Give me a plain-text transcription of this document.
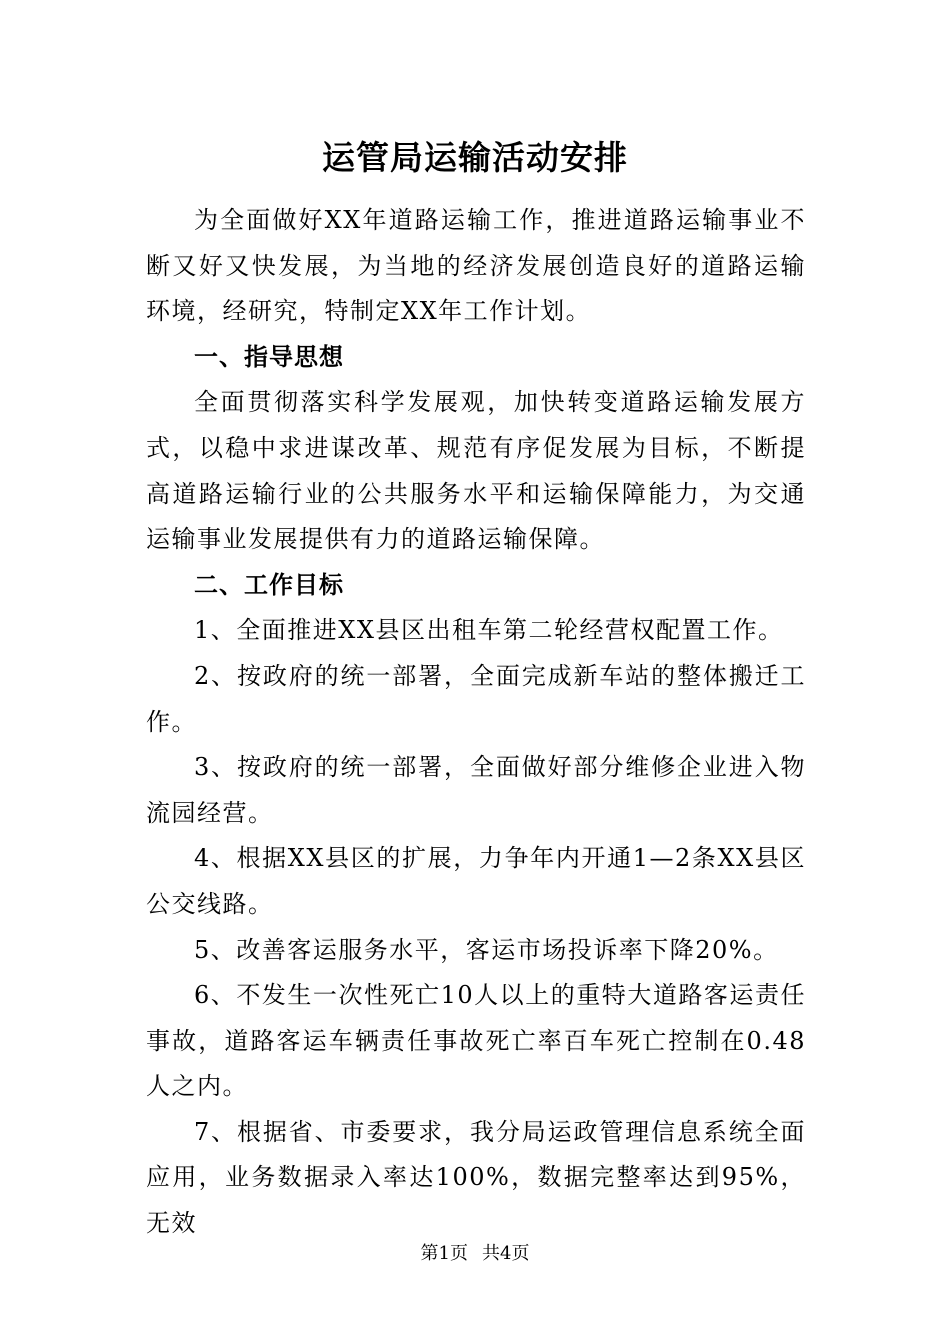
运管局运输活动安排

为全面做好XX年道路运输工作，推进道路运输事业不断又好又快发展，为当地的经济发展创造良好的道路运输环境，经研究，特制定XX年工作计划。

一、指导思想

全面贯彻落实科学发展观，加快转变道路运输发展方式，以稳中求进谋改革、规范有序促发展为目标，不断提高道路运输行业的公共服务水平和运输保障能力，为交通运输事业发展提供有力的道路运输保障。

二、工作目标

1、全面推进XX县区出租车第二轮经营权配置工作。

2、按政府的统一部署，全面完成新车站的整体搬迁工作。

3、按政府的统一部署，全面做好部分维修企业进入物流园经营。

4、根据XX县区的扩展，力争年内开通1—2条XX县区公交线路。

5、改善客运服务水平，客运市场投诉率下降20%。

6、不发生一次性死亡10人以上的重特大道路客运责任事故，道路客运车辆责任事故死亡率百车死亡控制在0.48人之内。

7、根据省、市委要求，我分局运政管理信息系统全面应用，业务数据录入率达100%，数据完整率达到95%，无效

第1页 共4页
